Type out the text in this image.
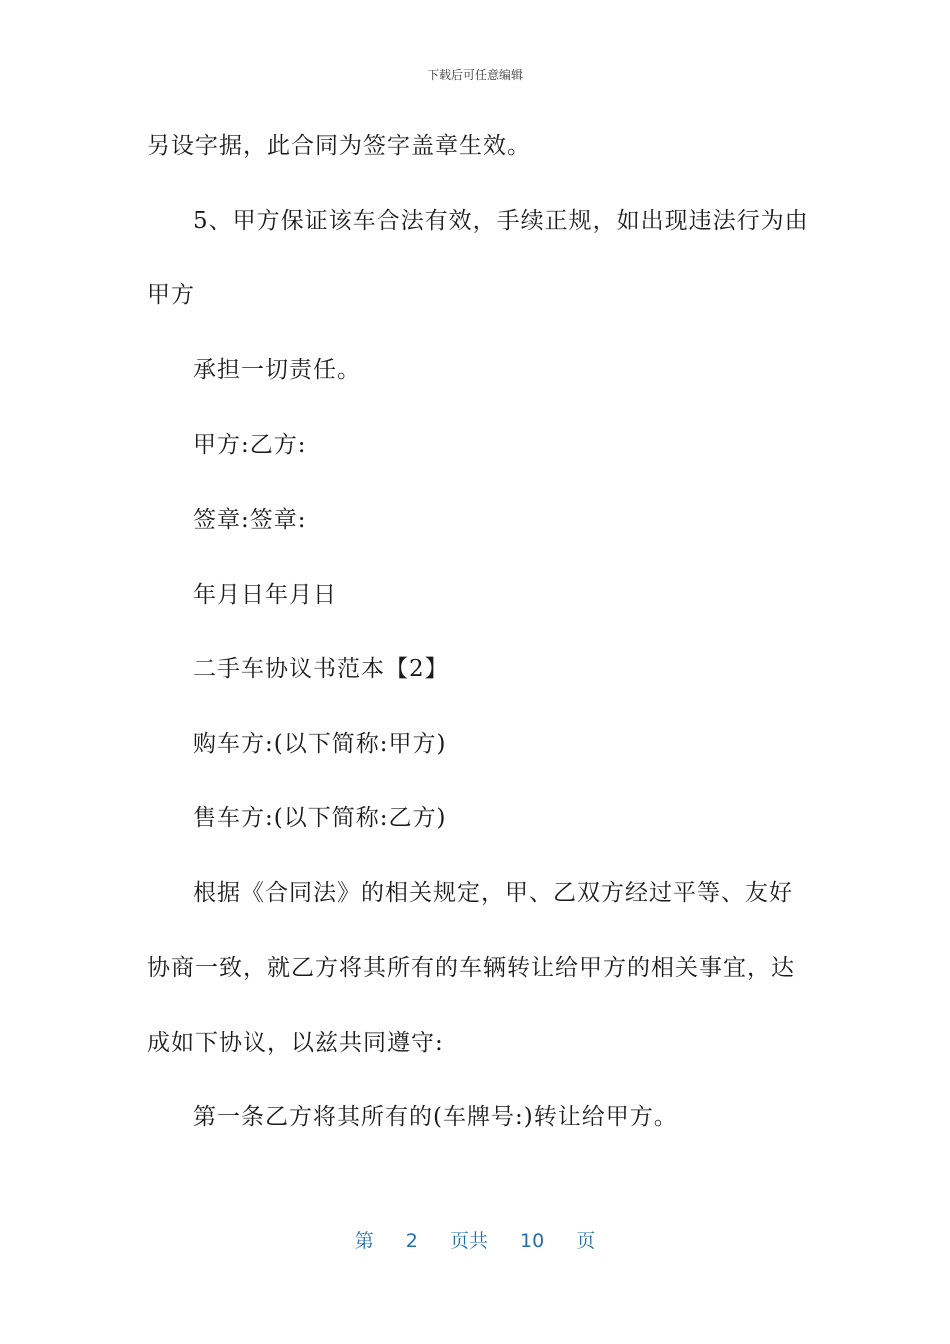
下载后可任意编辑
另设字据，此合同为签字盖章生效。
5、甲方保证该车合法有效，手续正规，如出现违法行为由
甲方
承担一切责任。
甲方:乙方:
签章:签章:
年月日年月日
二手车协议书范本【2】
购车方:(以下简称:甲方)
售车方:(以下简称:乙方)
根据《合同法》的相关规定，甲、乙双方经过平等、友好
协商一致，就乙方将其所有的车辆转让给甲方的相关事宜，达
成如下协议，以兹共同遵守:
第一条乙方将其所有的(车牌号:)转让给甲方。
第 2 页共 10 页
